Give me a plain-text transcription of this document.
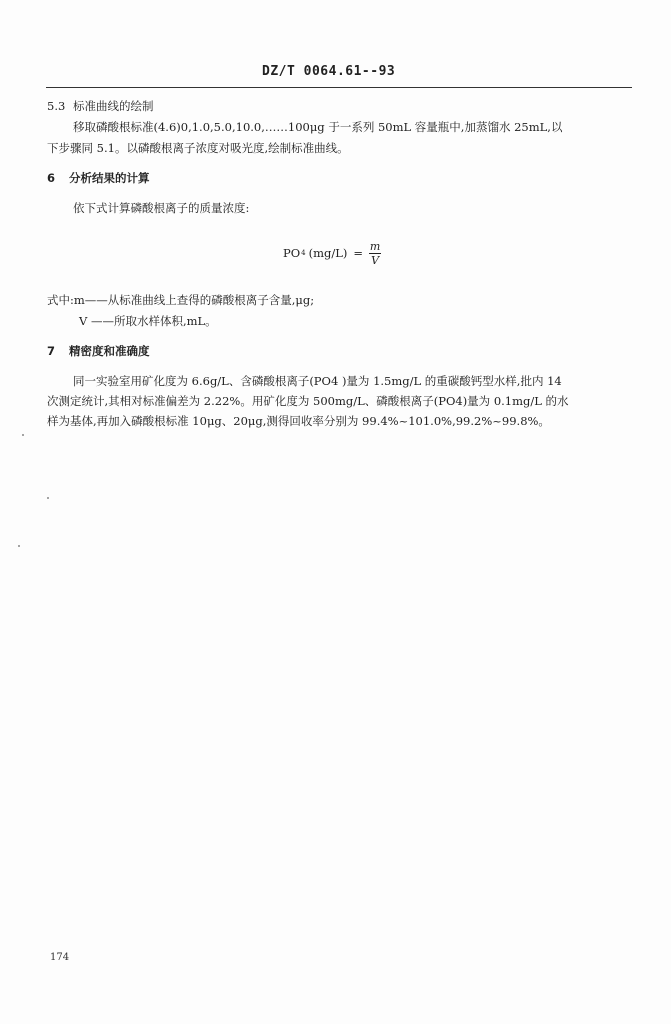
DZ/T 0064.61--93
5.3 标准曲线的绘制
移取磷酸根标准(4.6)0,1.0,5.0,10.0,……100μg 于一系列 50mL 容量瓶中,加蒸馏水 25mL,以
下步骤同 5.1。以磷酸根离子浓度对吸光度,绘制标准曲线。
6 分析结果的计算
依下式计算磷酸根离子的质量浓度:
PO 4 $(mg/L) = \frac{m}{V}$
式中:m——从标准曲线上查得的磷酸根离子含量,μg;
V ——所取水样体积,mL。
7 精密度和准确度
同一实验室用矿化度为 6.6g/L、含磷酸根离子(PO4 )量为 1.5mg/L 的重碳酸钙型水样,批内 14
次测定统计,其相对标准偏差为 2.22%。用矿化度为 500mg/L、磷酸根离子(PO4)量为 0.1mg/L 的水
样为基体,再加入磷酸根标准 10μg、20μg,测得回收率分别为 99.4%~101.0%,99.2%~99.8%。
174
